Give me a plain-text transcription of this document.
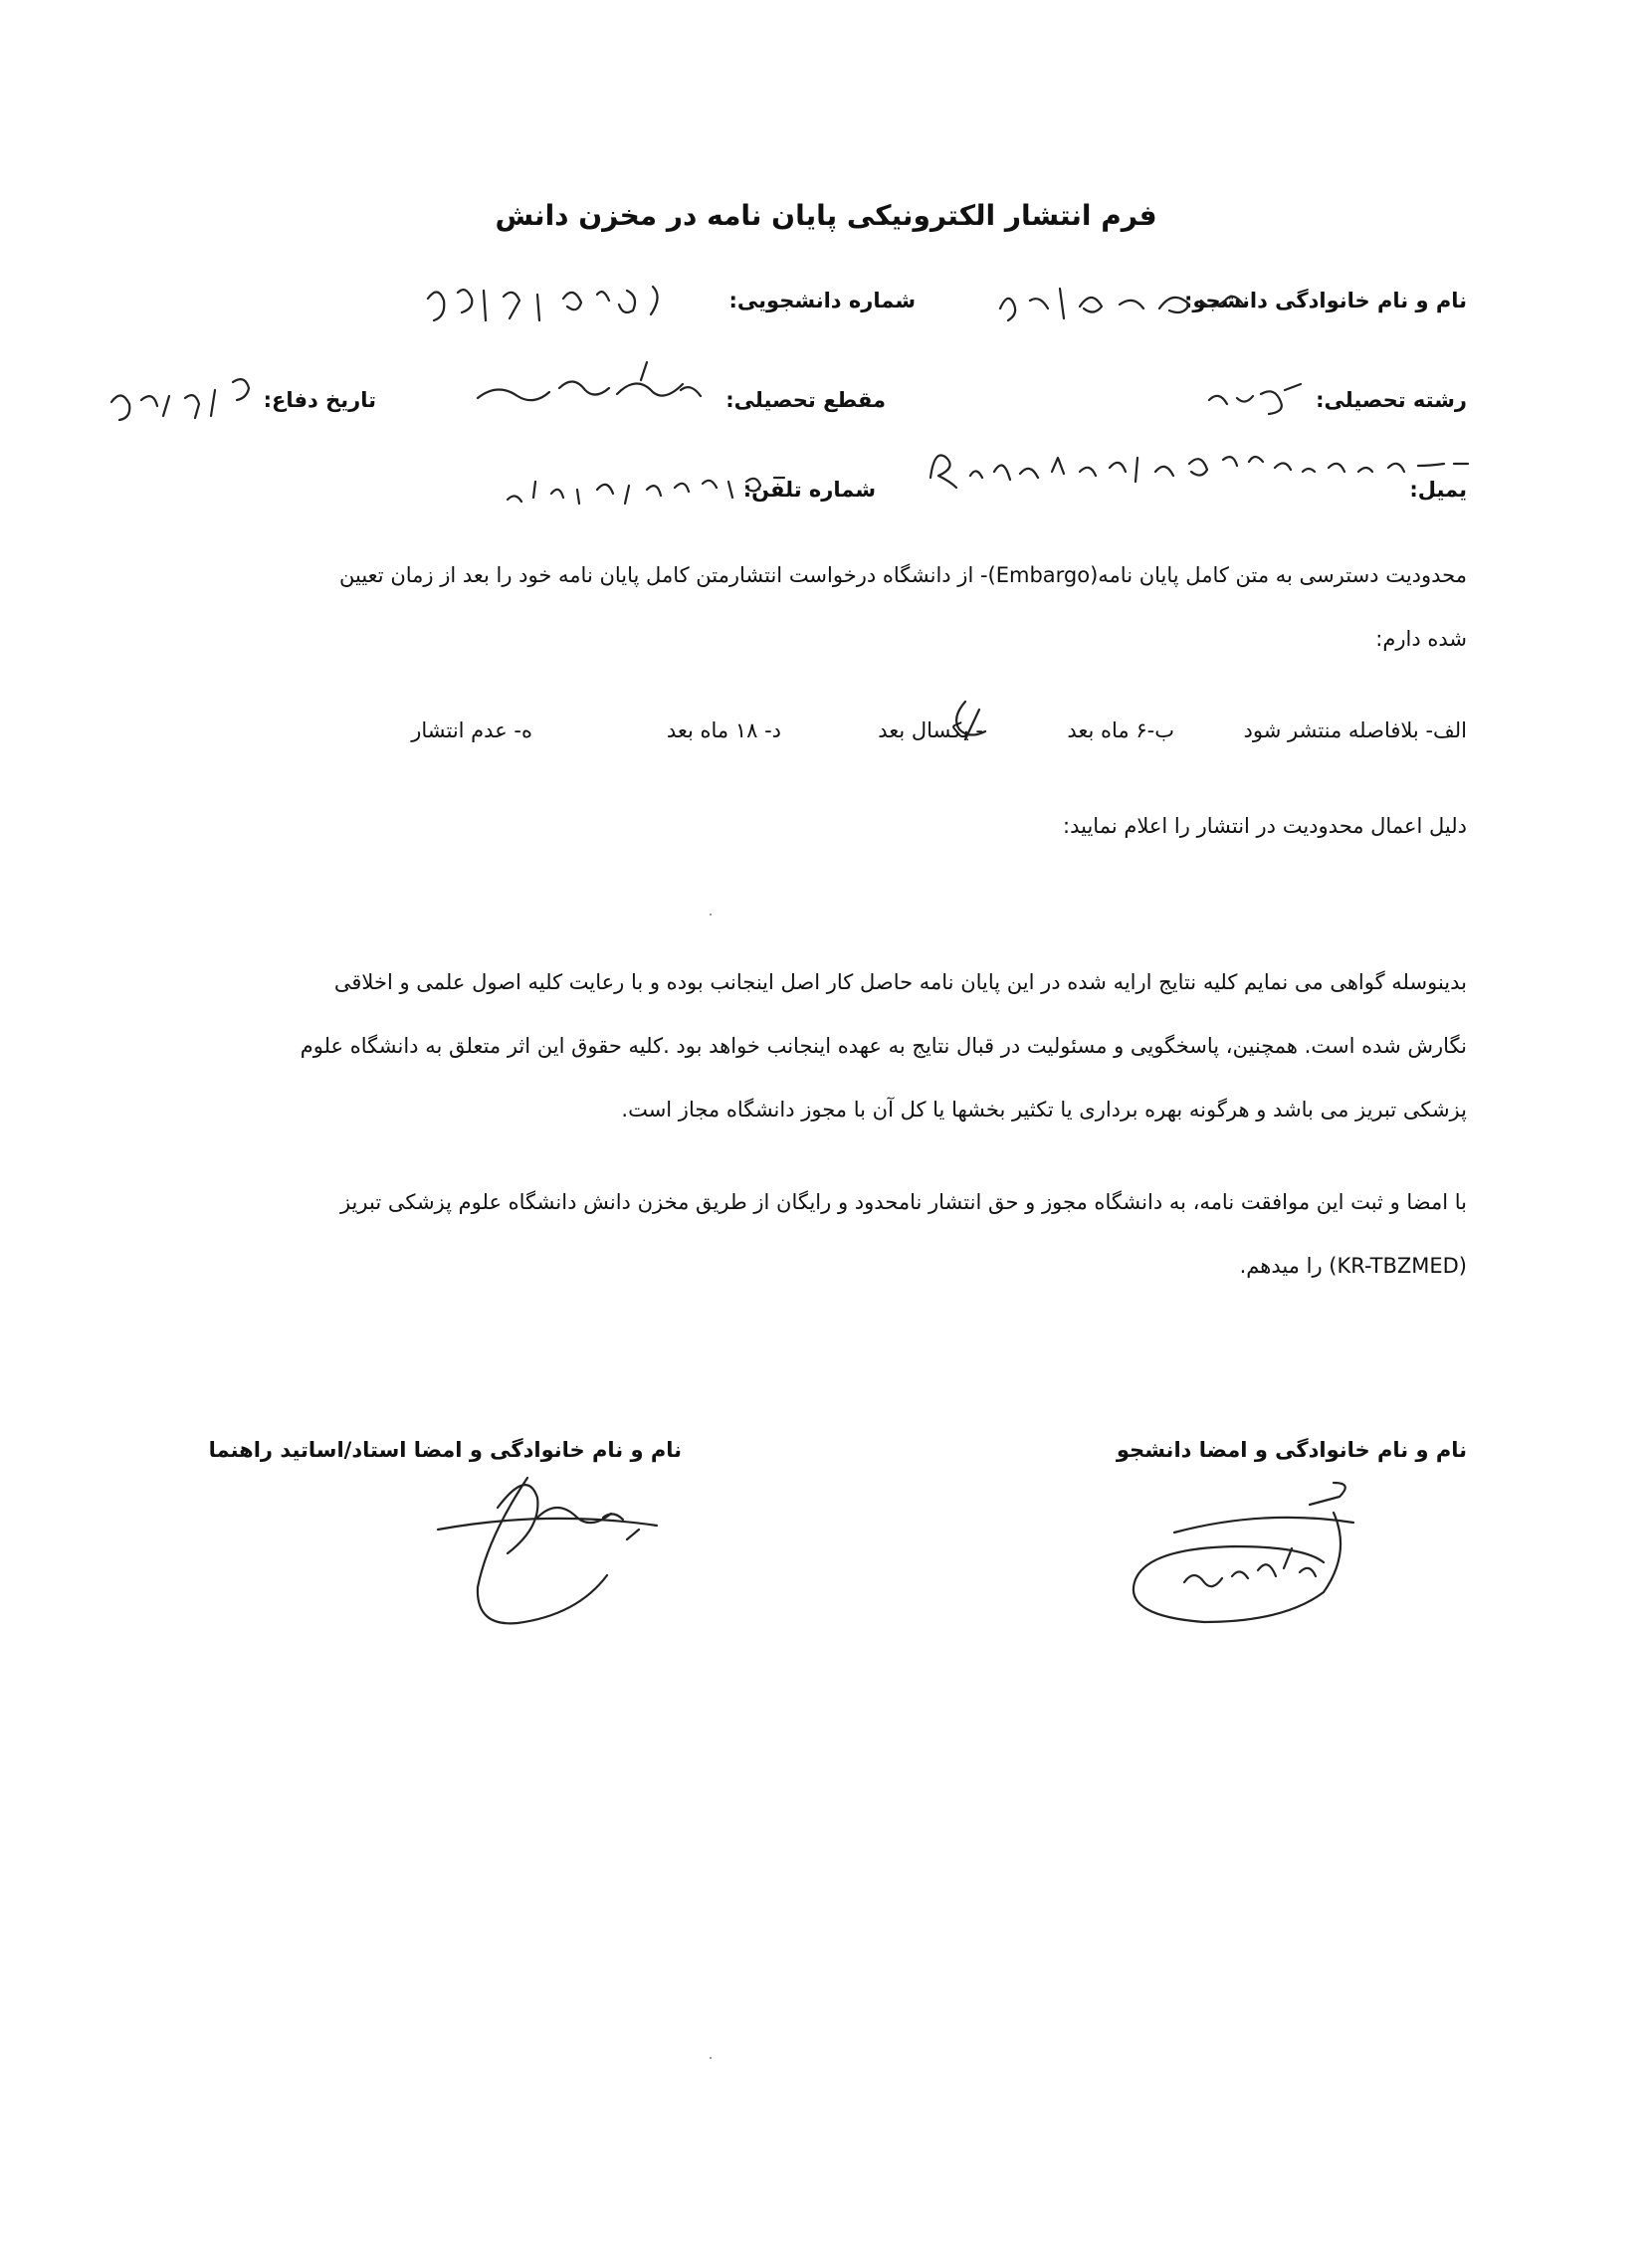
فرم انتشار الکترونیکی پایان نامه در مخزن دانش
نام و نام خانوادگی دانشجو:
شماره دانشجویی:
رشته تحصیلی:
مقطع تحصیلی:
تاریخ دفاع:
یمیل:
شماره تلفن:
محدودیت دسترسی به متن کامل پایان نامه(Embargo)- از دانشگاه درخواست انتشارمتن کامل پایان نامه خود را بعد از زمان تعیین
شده دارم:
الف- بلافاصله منتشر شود
ب-۶ ماه بعد
- یکسال بعد
د- ۱۸ ماه بعد
ه- عدم انتشار
دلیل اعمال محدودیت در انتشار را اعلام نمایید:
بدینوسله گواهی می نمایم کلیه نتایج ارایه شده در این پایان نامه حاصل کار اصل اینجانب بوده و با رعایت کلیه اصول علمی و اخلاقی
نگارش شده است. همچنین، پاسخگویی و مسئولیت در قبال نتایج به عهده اینجانب خواهد بود .کلیه حقوق این اثر متعلق به دانشگاه علوم
پزشکی تبریز می باشد و هرگونه بهره برداری یا تکثیر بخشها یا کل آن با مجوز دانشگاه مجاز است.
با امضا و ثبت این موافقت نامه، به دانشگاه مجوز و حق انتشار نامحدود و رایگان از طریق مخزن دانش دانشگاه علوم پزشکی تبریز
(KR-TBZMED) را میدهم.
نام و نام خانوادگی و امضا دانشجو
نام و نام خانوادگی و امضا استاد/اساتید راهنما
